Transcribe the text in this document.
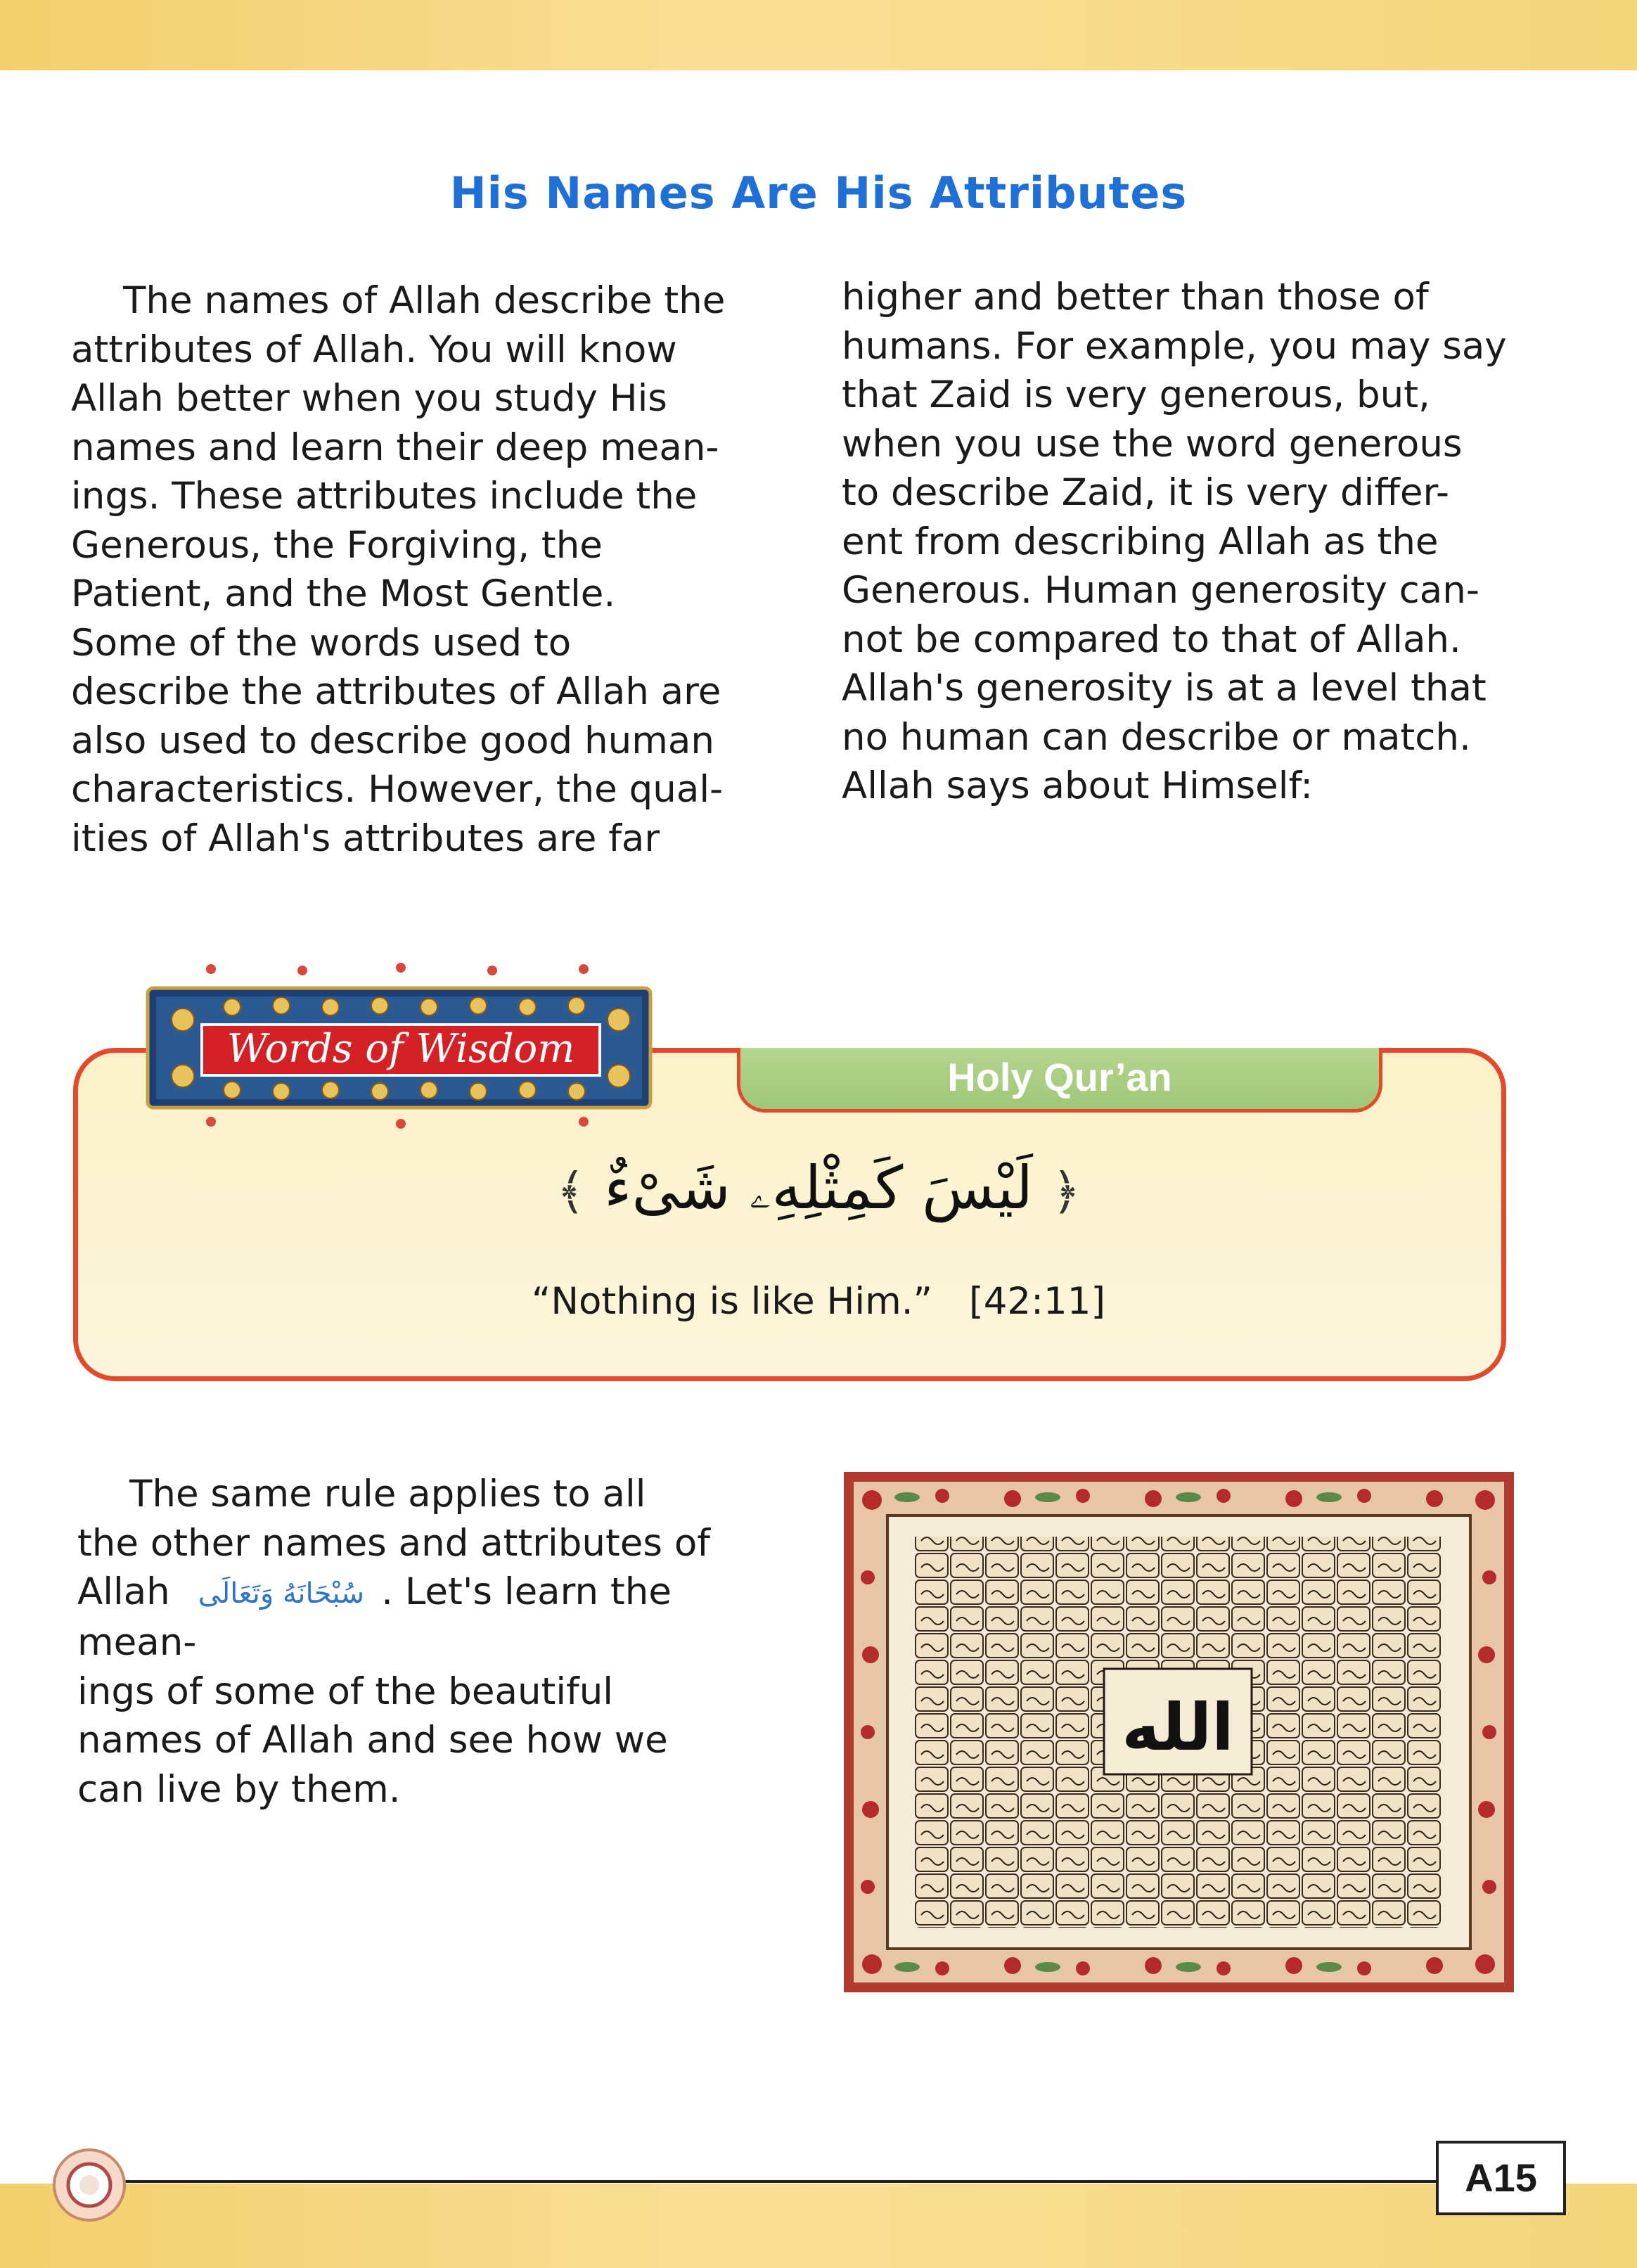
His Names Are His Attributes
The names of Allah describe the
attributes of Allah. You will know
Allah better when you study His
names and learn their deep mean-
ings. These attributes include the
Generous, the Forgiving, the
Patient, and the Most Gentle.
Some of the words used to
describe the attributes of Allah are
also used to describe good human
characteristics. However, the qual-
ities of Allah's attributes are far
higher and better than those of
humans. For example, you may say
that Zaid is very generous, but,
when you use the word generous
to describe Zaid, it is very differ-
ent from describing Allah as the
Generous. Human generosity can-
not be compared to that of Allah.
Allah's generosity is at a level that
no human can describe or match.
Allah says about Himself:
Holy Qur’an
Words of Wisdom
﴿ لَيْسَ كَمِثْلِهِۦ شَىْءٌ ﴾
“Nothing is like Him.” [42:11]
The same rule applies to all
the other names and attributes of
Allah سُبْحَانَهُ وَتَعَالَى . Let's learn the mean-
ings of some of the beautiful
names of Allah and see how we
can live by them.
الله
A15
